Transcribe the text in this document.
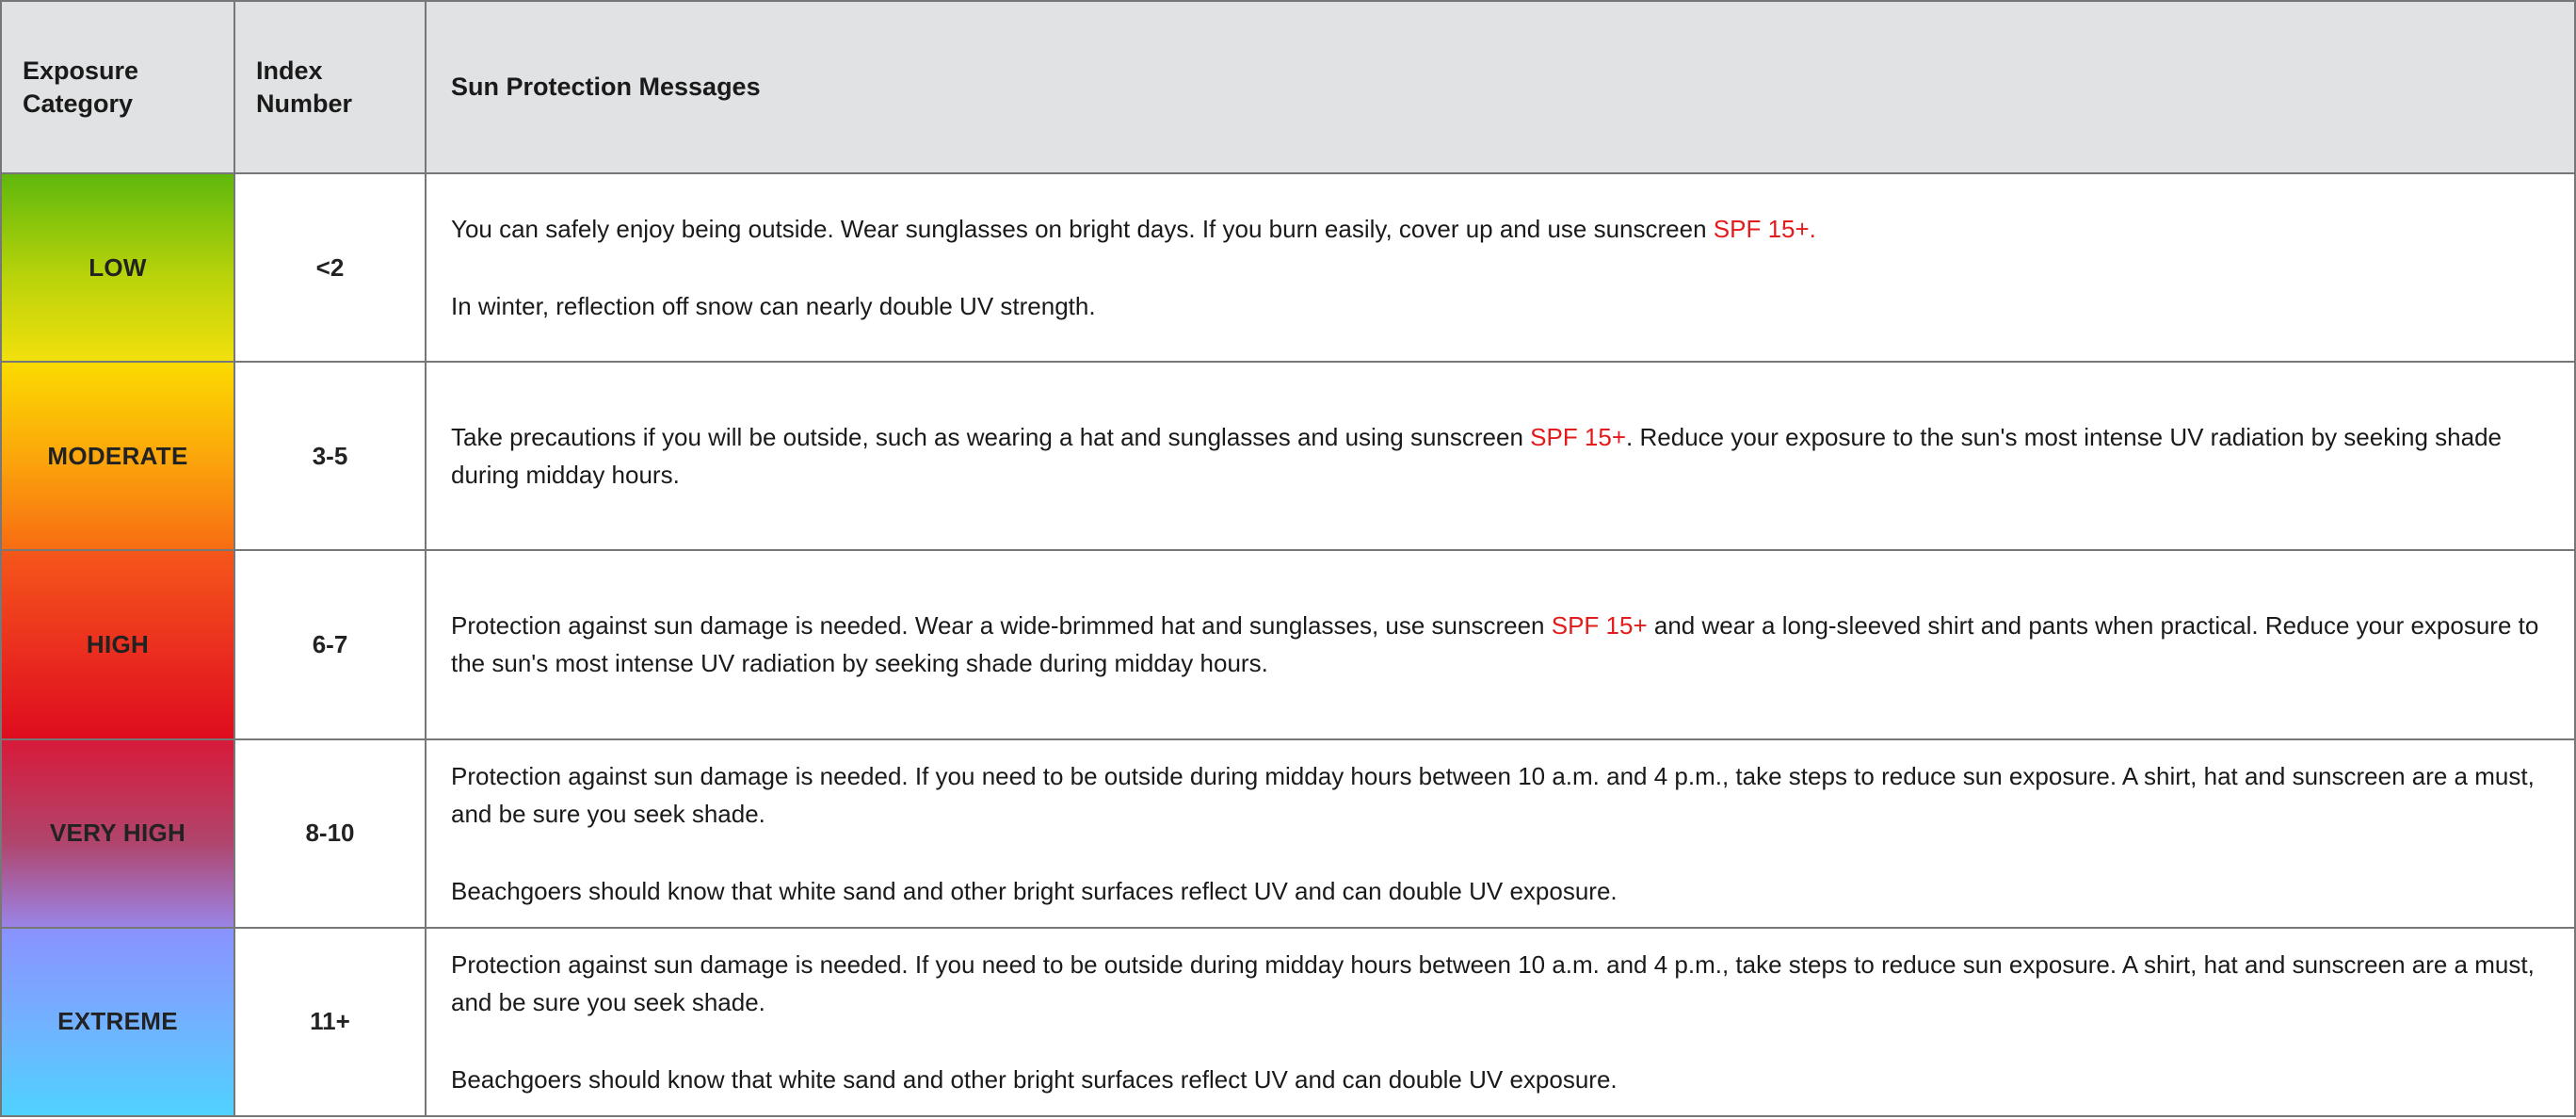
Exposure Category	Index Number	Sun Protection Messages
LOW	<2	You can safely enjoy being outside. Wear sunglasses on bright days. If you burn easily, cover up and use sunscreen SPF 15+.

In winter, reflection off snow can nearly double UV strength.

MODERATE	3-5	Take precautions if you will be outside, such as wearing a hat and sunglasses and using sunscreen SPF 15+. Reduce your exposure to the sun's most intense UV radiation by seeking shade during midday hours.

HIGH	6-7	Protection against sun damage is needed. Wear a wide-brimmed hat and sunglasses, use sunscreen SPF 15+ and wear a long-sleeved shirt and pants when practical. Reduce your exposure to the sun's most intense UV radiation by seeking shade during midday hours.

VERY HIGH	8-10	Protection against sun damage is needed. If you need to be outside during midday hours between 10 a.m. and 4 p.m., take steps to reduce sun exposure. A shirt, hat and sunscreen are a must, and be sure you seek shade.

Beachgoers should know that white sand and other bright surfaces reflect UV and can double UV exposure.

EXTREME	11+	Protection against sun damage is needed. If you need to be outside during midday hours between 10 a.m. and 4 p.m., take steps to reduce sun exposure. A shirt, hat and sunscreen are a must, and be sure you seek shade.

Beachgoers should know that white sand and other bright surfaces reflect UV and can double UV exposure.
